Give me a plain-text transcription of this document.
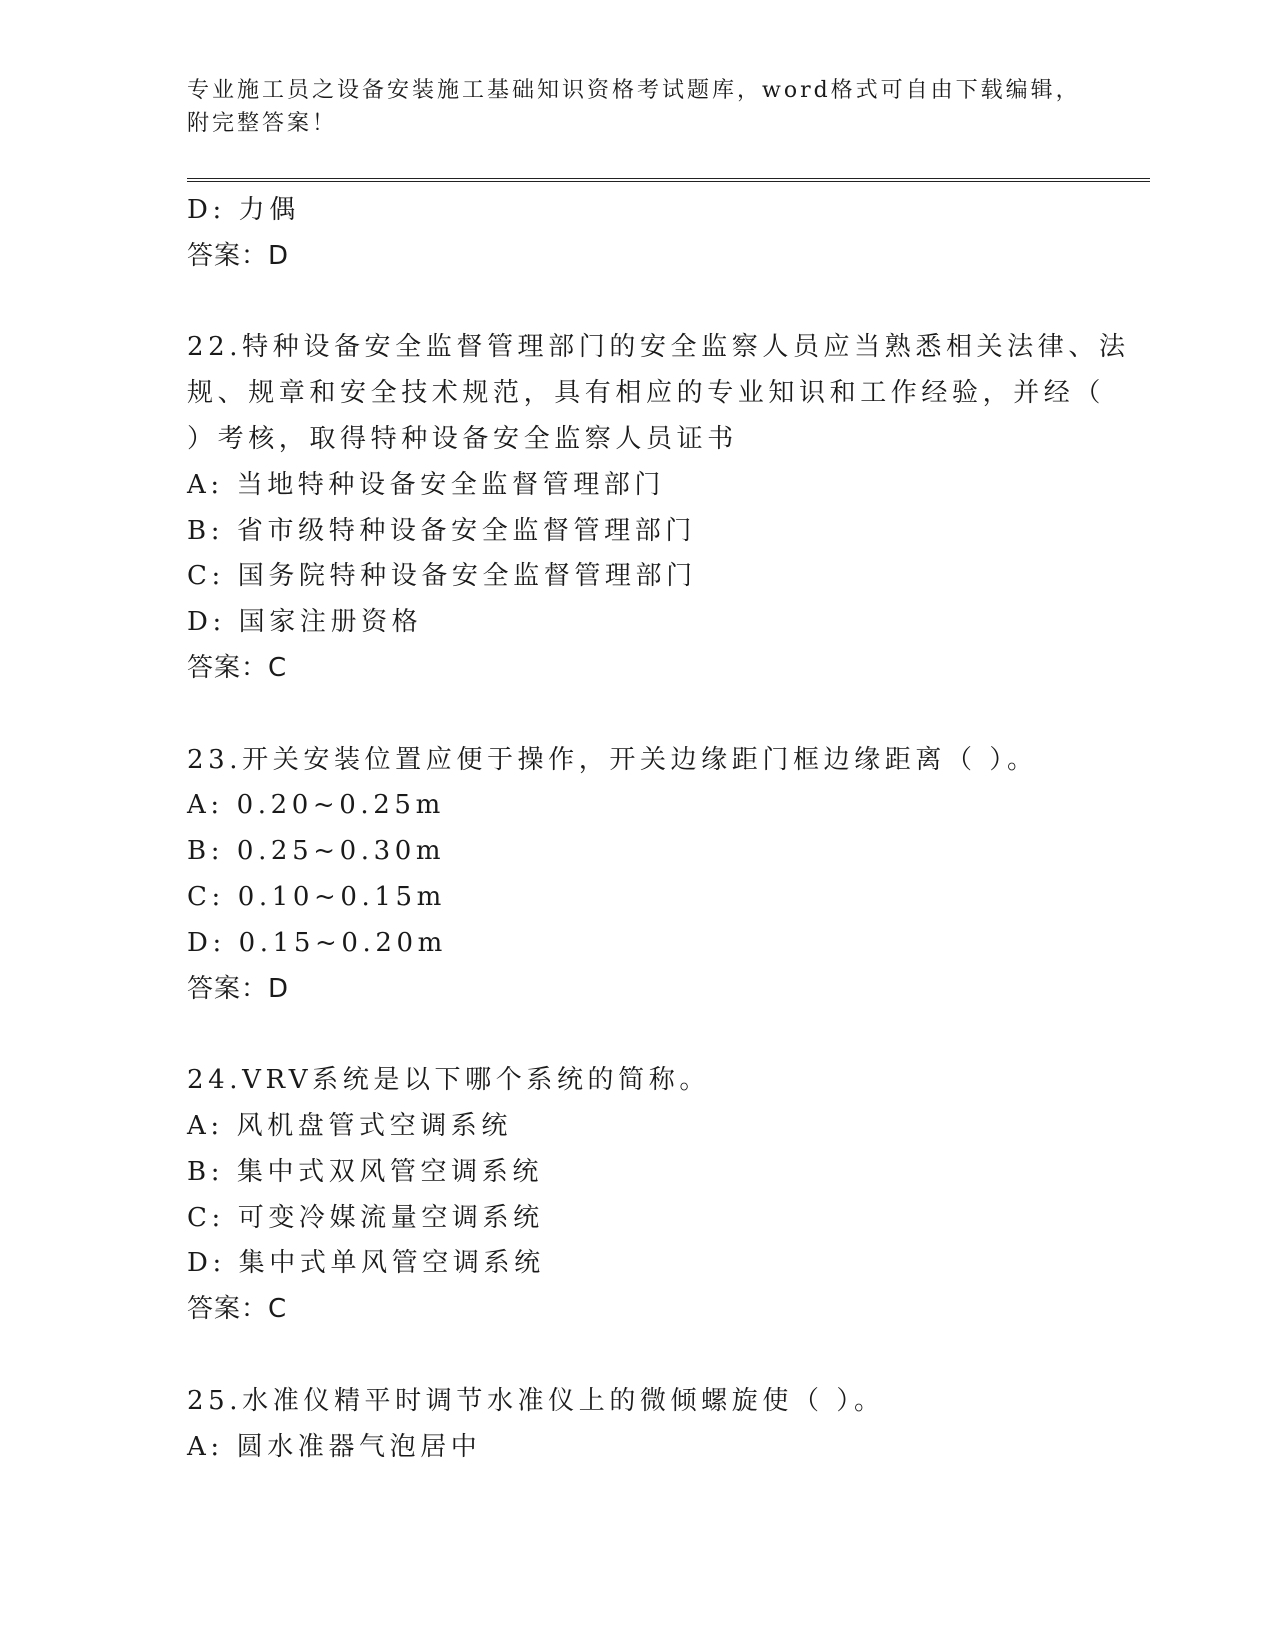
专业施工员之设备安装施工基础知识资格考试题库，word格式可自由下载编辑，
附完整答案！
D: 力偶
答案：D
22.特种设备安全监督管理部门的安全监察人员应当熟悉相关法律、法
规、规章和安全技术规范，具有相应的专业知识和工作经验，并经（
）考核，取得特种设备安全监察人员证书
A: 当地特种设备安全监督管理部门
B: 省市级特种设备安全监督管理部门
C: 国务院特种设备安全监督管理部门
D: 国家注册资格
答案：C
23.开关安装位置应便于操作，开关边缘距门框边缘距离（ ）。
A: 0.20~0.25m
B: 0.25~0.30m
C: 0.10~0.15m
D: 0.15~0.20m
答案：D
24.VRV系统是以下哪个系统的简称。
A: 风机盘管式空调系统
B: 集中式双风管空调系统
C: 可变冷媒流量空调系统
D: 集中式单风管空调系统
答案：C
25.水准仪精平时调节水准仪上的微倾螺旋使（ ）。
A: 圆水准器气泡居中
